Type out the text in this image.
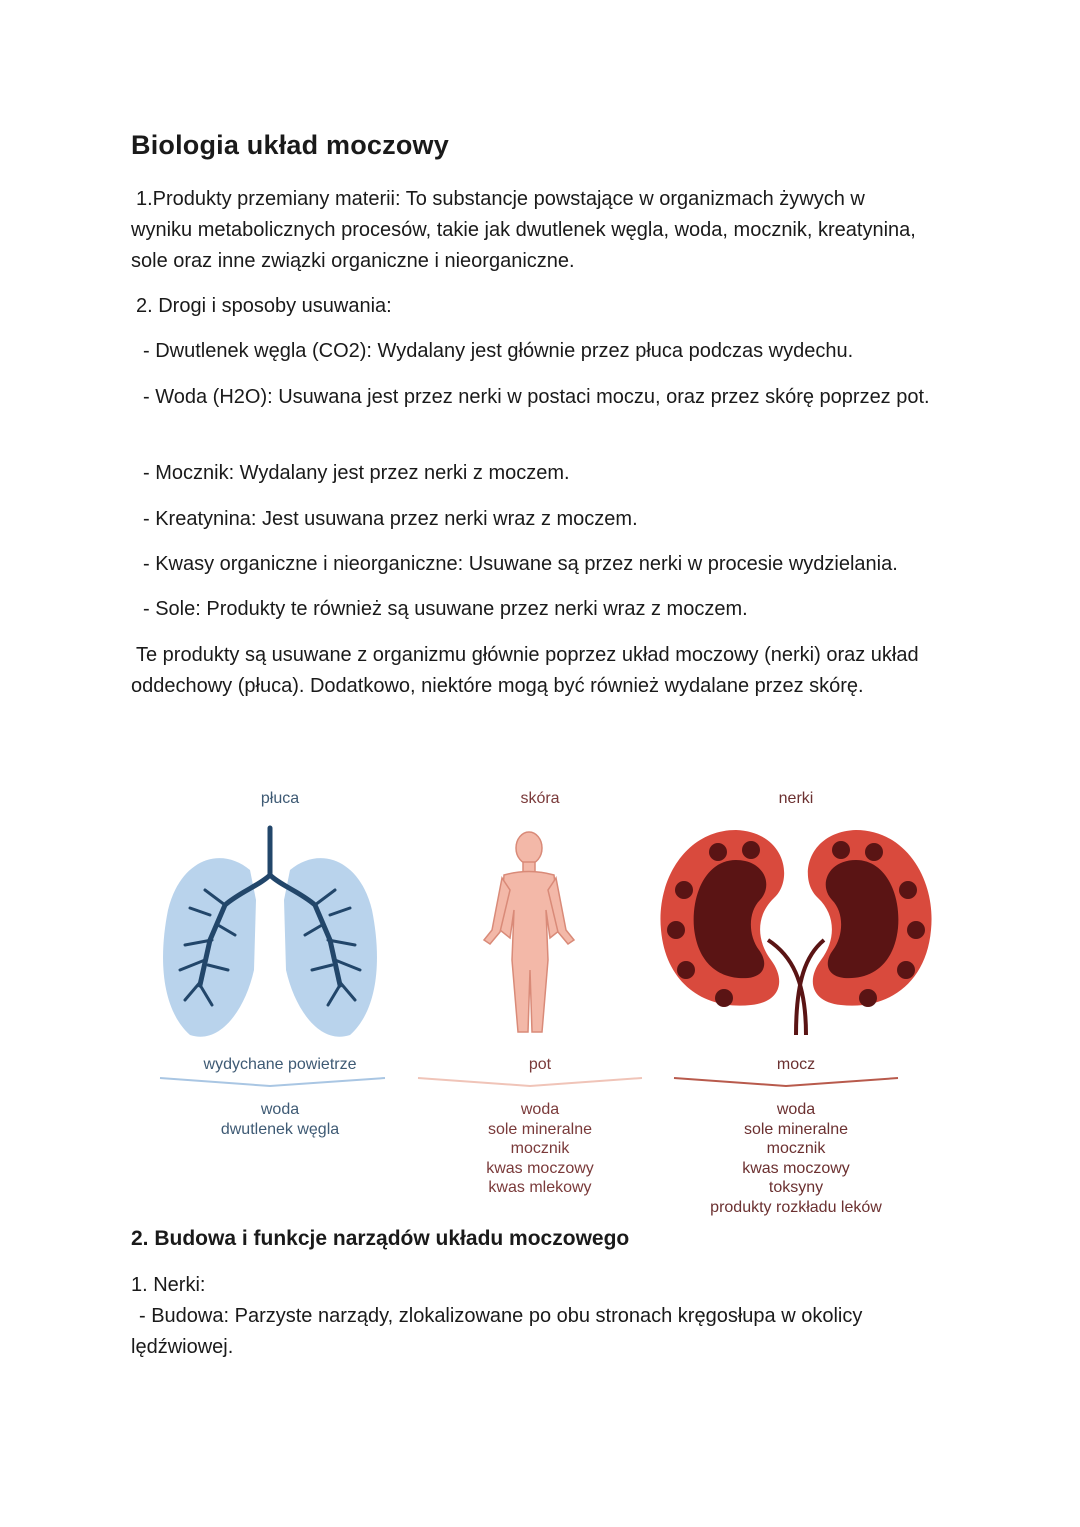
Biologia układ moczowy

1.Produkty przemiany materii: To substancje powstające w organizmach żywych w wyniku metabolicznych procesów, takie jak dwutlenek węgla, woda, mocznik, kreatynina, sole oraz inne związki organiczne i nieorganiczne.

2. Drogi i sposoby usuwania:

- Dwutlenek węgla (CO2): Wydalany jest głównie przez płuca podczas wydechu.

- Woda (H2O): Usuwana jest przez nerki w postaci moczu, oraz przez skórę poprzez pot.

- Mocznik: Wydalany jest przez nerki z moczem.

- Kreatynina: Jest usuwana przez nerki wraz z moczem.

- Kwasy organiczne i nieorganiczne: Usuwane są przez nerki w procesie wydzielania.

- Sole: Produkty te również są usuwane przez nerki wraz z moczem.

Te produkty są usuwane z organizmu głównie poprzez układ moczowy (nerki) oraz układ oddechowy (płuca). Dodatkowo, niektóre mogą być również wydalane przez skórę.

płuca
wydychane powietrze
woda
dwutlenek węgla
skóra
pot
woda
sole mineralne
mocznik
kwas moczowy
kwas mlekowy
nerki
mocz
woda
sole mineralne
mocznik
kwas moczowy
toksyny
produkty rozkładu leków
2. Budowa i funkcje narządów układu moczowego

1. Nerki:

- Budowa: Parzyste narządy, zlokalizowane po obu stronach kręgosłupa w okolicy lędźwiowej.
